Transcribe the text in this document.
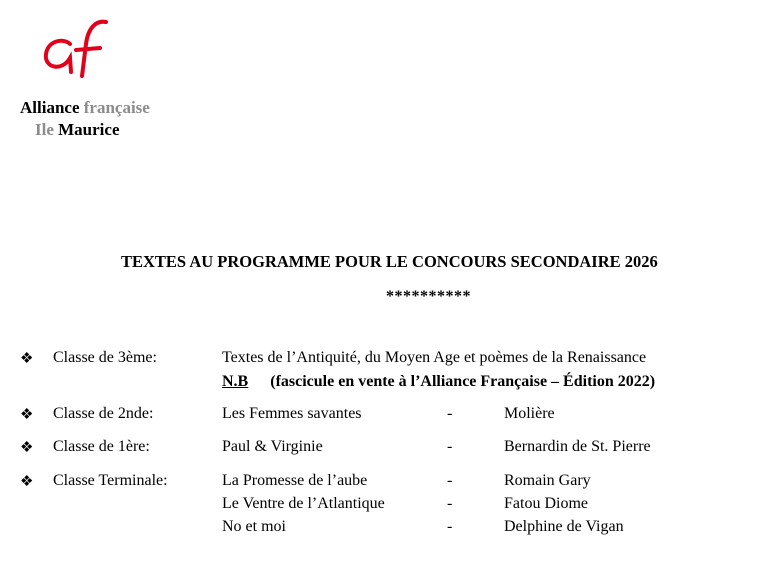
Alliance française
Ile Maurice
TEXTES AU PROGRAMME POUR LE CONCOURS SECONDAIRE 2026
**********
❖ Classe de 3ème:	Textes de l’Antiquité, du Moyen Age et poèmes de la Renaissance
N.B (fascicule en vente à l’Alliance Française – Édition 2022)
❖ Classe de 2nde:	Les Femmes savantes	-	Molière
❖ Classe de 1ère:	Paul & Virginie	-	Bernardin de St. Pierre
❖ Classe Terminale:	La Promesse de l’aube	-	Romain Gary
Le Ventre de l’Atlantique	-	Fatou Diome
No et moi	-	Delphine de Vigan
